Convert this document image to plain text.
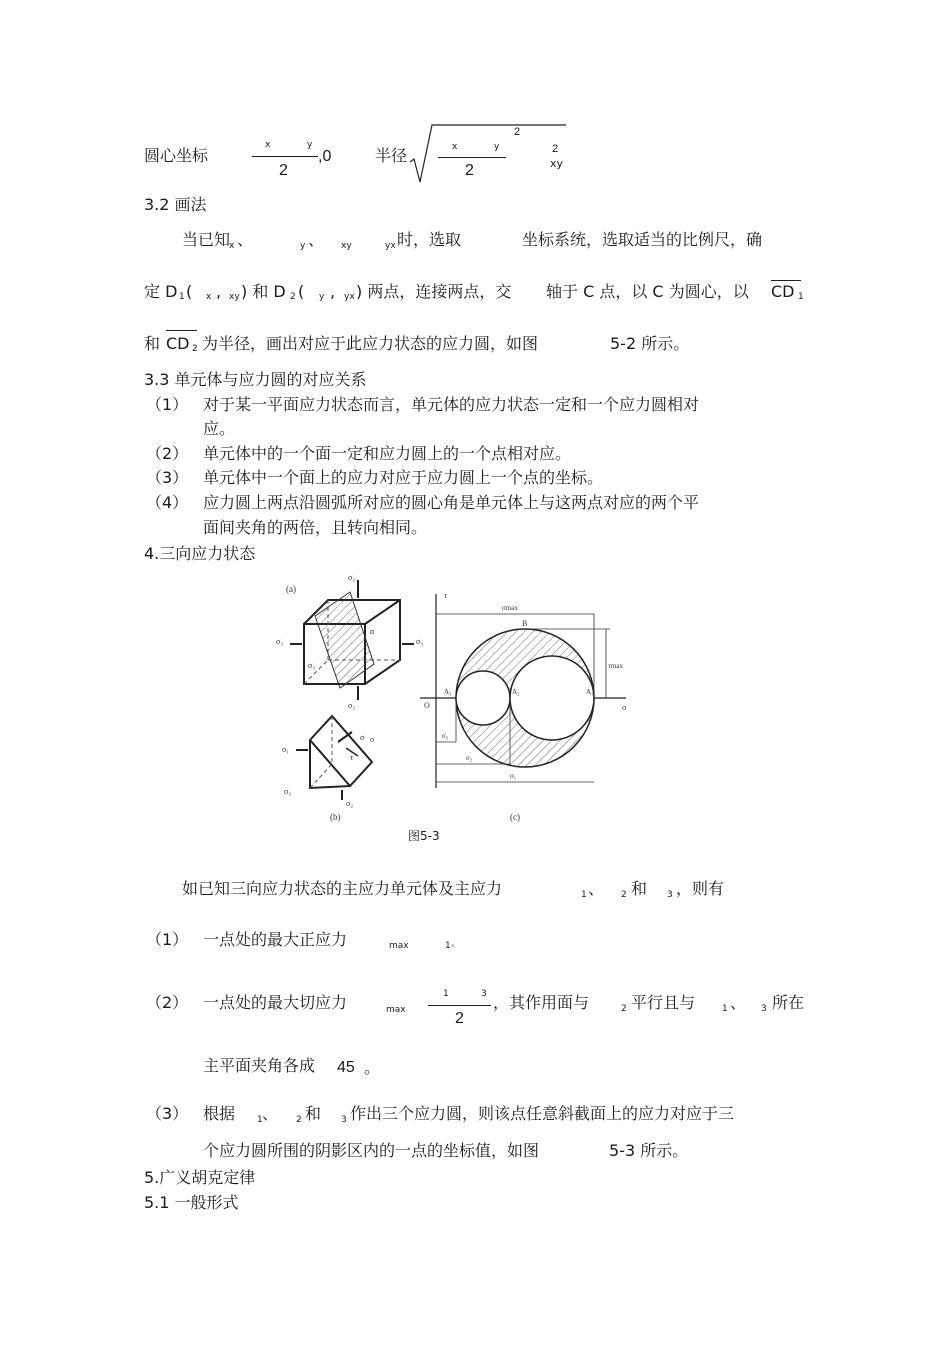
圆心坐标
x	y
2
,0	半径	x	y
2
2
2
xy
3.2 画法
当已知
x 、	y 、 xy	yx 时，选取	坐标系统，选取适当的比例尺，确
定 D 1 ( x , xy ) 和 D 2 ( y , yx ) 两点，连接两点，交 轴于 C 点，以 C 为圆心，以 CD 1
和 CD 2 为半径，画出对应于此应力状态的应力圆，如图	5-2 所示。
3.3 单元体与应力圆的对应关系
（1） 对于某一平面应力状态而言，单元体的应力状态一定和一个应力圆相对
应。
（2） 单元体中的一个面一定和应力圆上的一个点相对应。
（3） 单元体中一个面上的应力对应于应力圆上一个点的坐标。
（4） 应力圆上两点沿圆弧所对应的圆心角是单元体上与这两点对应的两个平
面间夹角的两倍，且转向相同。
4.三向应力状态
(a)
σ₂
σ₂
σ₃	σ₃
σ₃
α
σ₁
σ₃
σ₂
σ σ
τ
(b)
τ
σ
O
σmax
B
τmax
A₃	A₂	A₁
σ₃
σ₂
σ₁
(c)
图5-3
如已知三向应力状态的主应力单元体及主应力	1 、 2 和 3 ，则有
（1） 一点处的最大正应力	max	1 。
（2） 一点处的最大切应力	max
1	3
2
，其作用面与	2 平行且与	1 、 3 所在
主平面夹角各成 45 。
（3） 根据 1 、 2 和 3 作出三个应力圆，则该点任意斜截面上的应力对应于三
个应力圆所围的阴影区内的一点的坐标值，如图	5-3 所示。
5.广义胡克定律
5.1 一般形式
